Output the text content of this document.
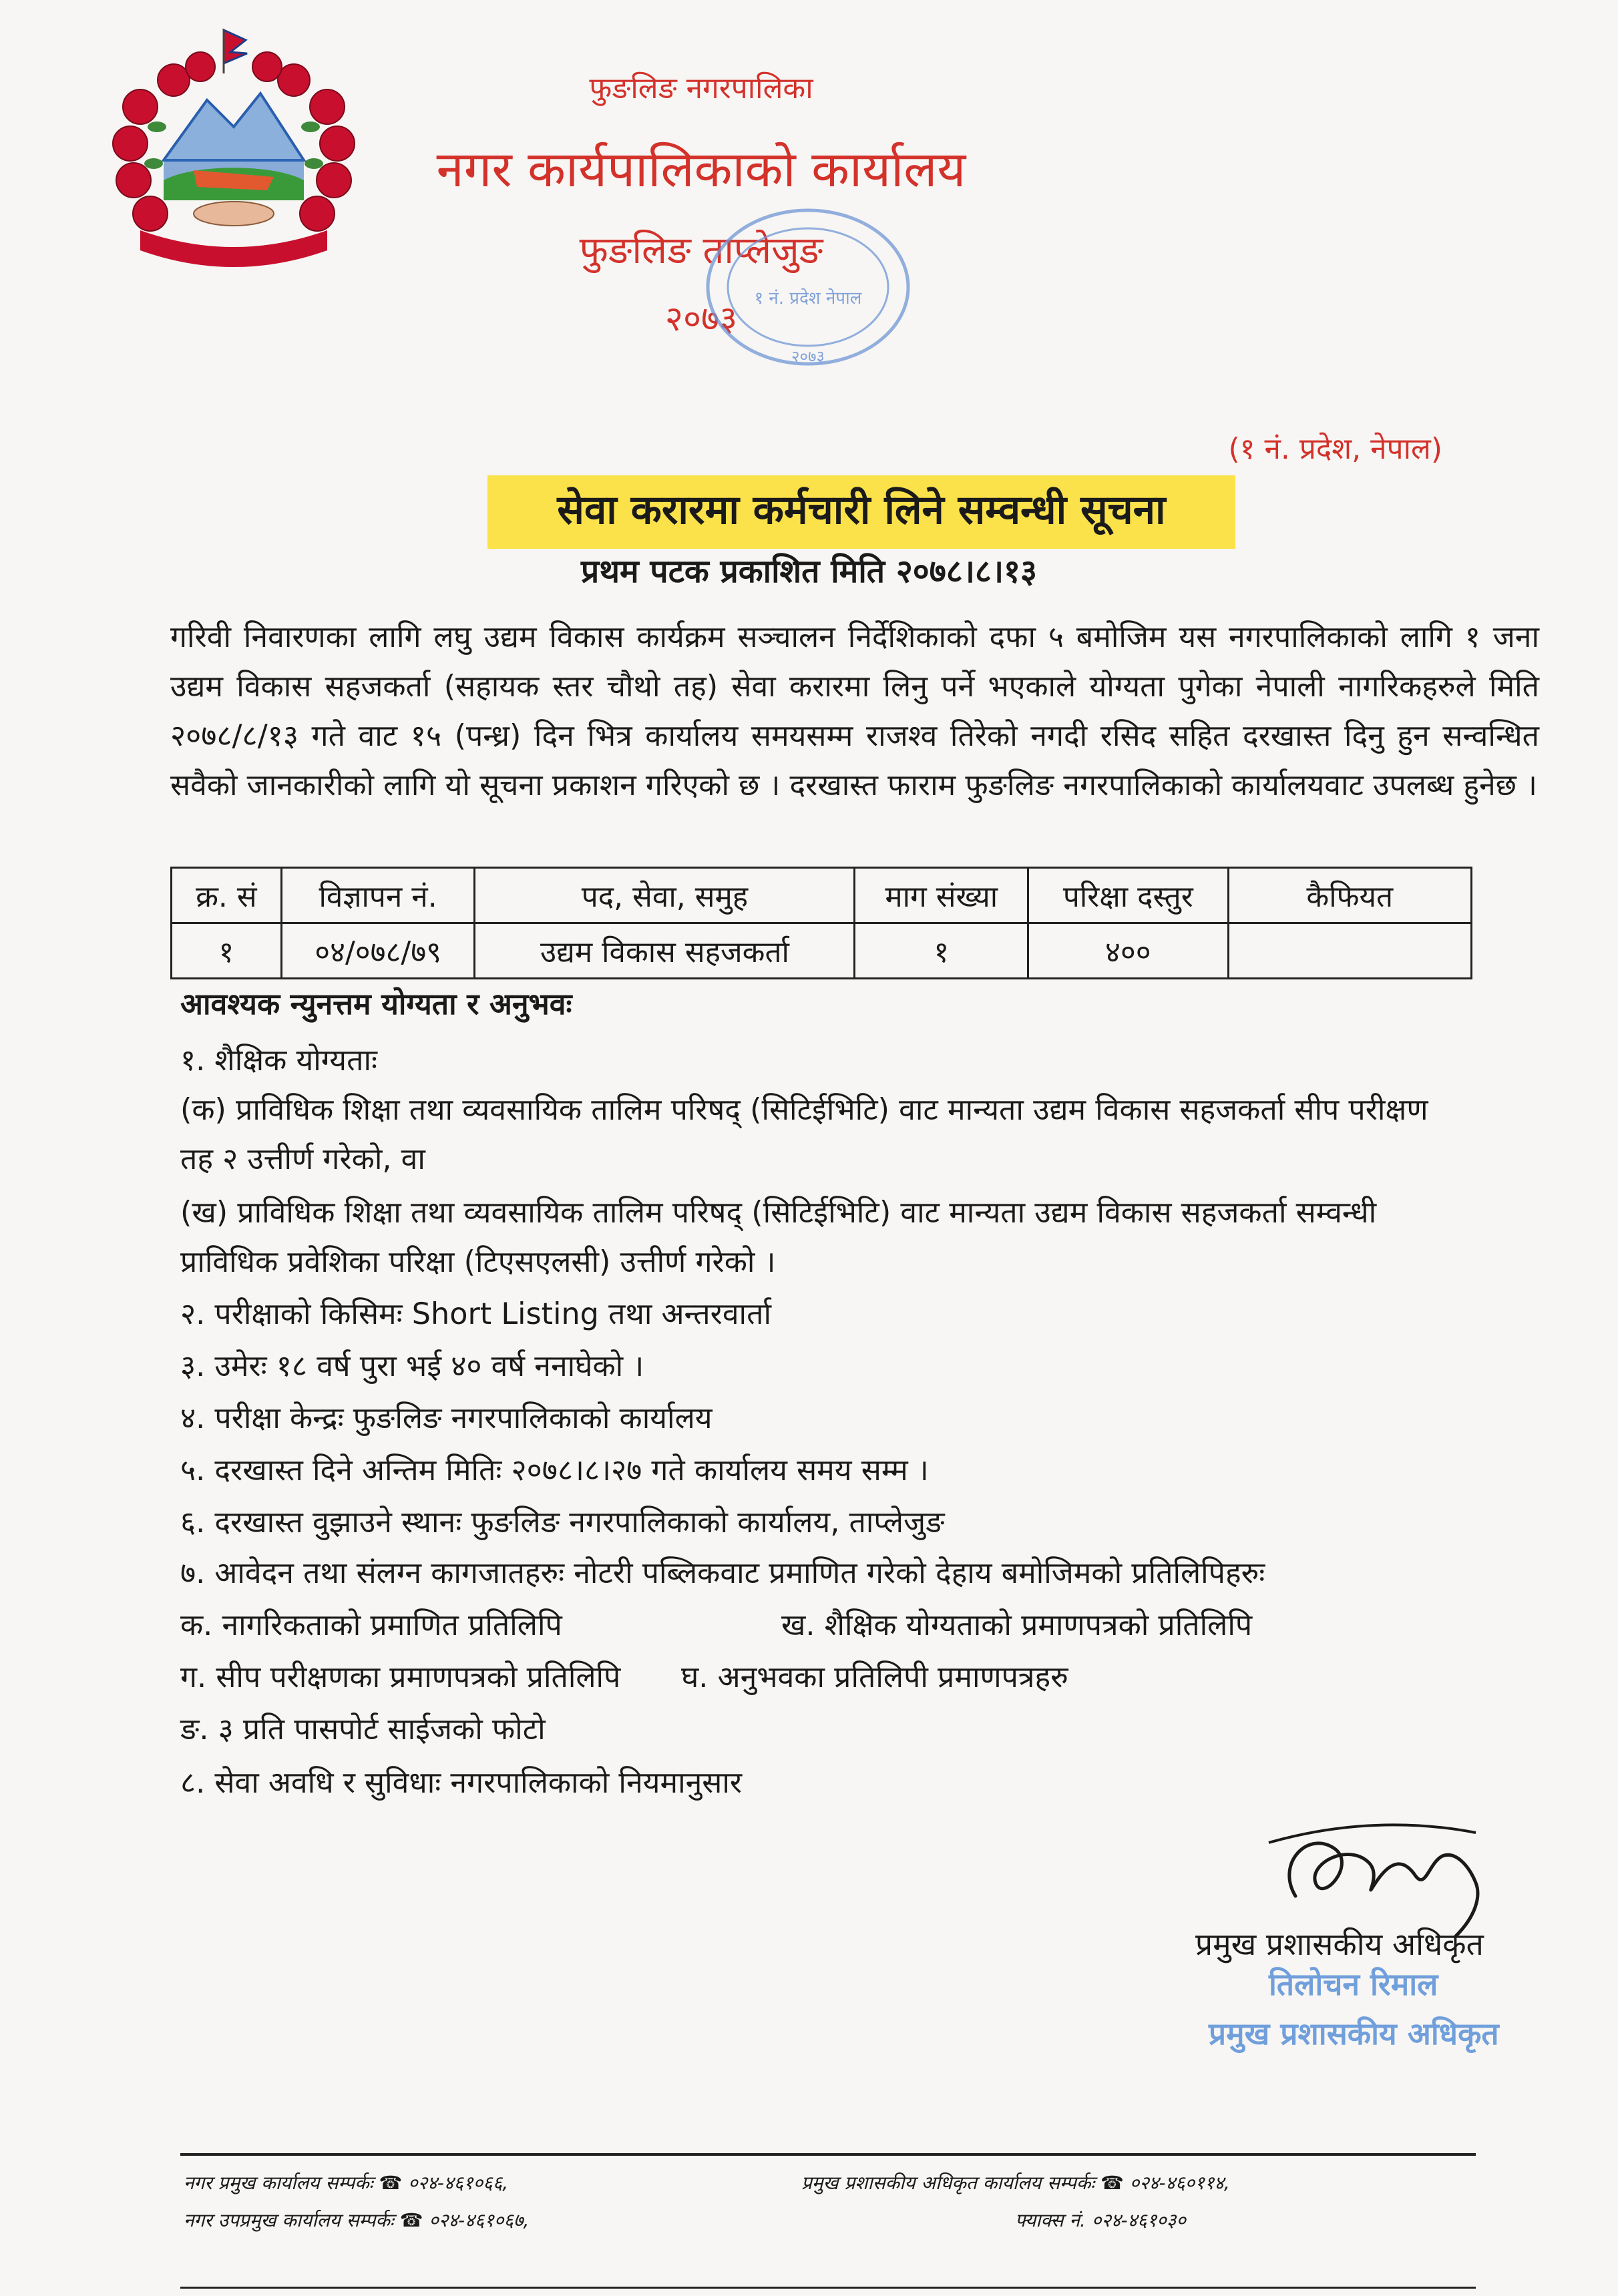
फुङलिङ नगरपालिका
नगर कार्यपालिकाको कार्यालय
फुङलिङ ताप्लेजुङ
२०७३
१ नं. प्रदेश नेपाल
२०७३
(१ नं. प्रदेश, नेपाल)
सेवा करारमा कर्मचारी लिने सम्वन्धी सूचना
प्रथम पटक प्रकाशित मिति २०७८।८।१३
गरिवी निवारणका लागि लघु उद्यम विकास कार्यक्रम सञ्चालन निर्देशिकाको दफा ५ बमोजिम यस नगरपालिकाको लागि १ जना उद्यम विकास सहजकर्ता (सहायक स्तर चौथो तह) सेवा करारमा लिनु पर्ने भएकाले योग्यता पुगेका नेपाली नागरिकहरुले मिति २०७८/८/१३ गते वाट १५ (पन्ध्र) दिन भित्र कार्यालय समयसम्म राजश्व तिरेको नगदी रसिद सहित दरखास्त दिनु हुन सन्वन्धित सवैको जानकारीको लागि यो सूचना प्रकाशन गरिएको छ । दरखास्त फाराम फुङलिङ नगरपालिकाको कार्यालयवाट उपलब्ध हुनेछ ।
क्र. सं	विज्ञापन नं.	पद, सेवा, समुह	माग संख्या	परिक्षा दस्तुर	कैफियत
१	०४/०७८/७९	उद्यम विकास सहजकर्ता	१	४००	
आवश्यक न्युनत्तम योग्यता र अनुभवः
१. शैक्षिक योग्यताः
(क) प्राविधिक शिक्षा तथा व्यवसायिक तालिम परिषद् (सिटिईभिटि) वाट मान्यता उद्यम विकास सहजकर्ता सीप परीक्षण
तह २ उत्तीर्ण गरेको, वा
(ख) प्राविधिक शिक्षा तथा व्यवसायिक तालिम परिषद् (सिटिईभिटि) वाट मान्यता उद्यम विकास सहजकर्ता सम्वन्धी
प्राविधिक प्रवेशिका परिक्षा (टिएसएलसी) उत्तीर्ण गरेको ।
२. परीक्षाको किसिमः Short Listing तथा अन्तरवार्ता
३. उमेरः १८ वर्ष पुरा भई ४० वर्ष ननाघेको ।
४. परीक्षा केन्द्रः फुङलिङ नगरपालिकाको कार्यालय
५. दरखास्त दिने अन्तिम मितिः २०७८।८।२७ गते कार्यालय समय सम्म ।
६. दरखास्त वुझाउने स्थानः फुङलिङ नगरपालिकाको कार्यालय, ताप्लेजुङ
७. आवेदन तथा संलग्न कागजातहरुः नोटरी पब्लिकवाट प्रमाणित गरेको देहाय बमोजिमको प्रतिलिपिहरुः
क. नागरिकताको प्रमाणित प्रतिलिपि	ख. शैक्षिक योग्यताको प्रमाणपत्रको प्रतिलिपि
ग. सीप परीक्षणका प्रमाणपत्रको प्रतिलिपि	घ. अनुभवका प्रतिलिपी प्रमाणपत्रहरु
ङ. ३ प्रति पासपोर्ट साईजको फोटो
८. सेवा अवधि र सुविधाः नगरपालिकाको नियमानुसार
प्रमुख प्रशासकीय अधिकृत
तिलोचन रिमाल
प्रमुख प्रशासकीय अधिकृत
नगर प्रमुख कार्यालय सम्पर्कः ☎ ०२४-४६१०६६,
नगर उपप्रमुख कार्यालय सम्पर्कः ☎ ०२४-४६१०६७,
प्रमुख प्रशासकीय अधिकृत कार्यालय सम्पर्कः ☎ ०२४-४६०११४,
फ्याक्स नं. ०२४-४६१०३०
